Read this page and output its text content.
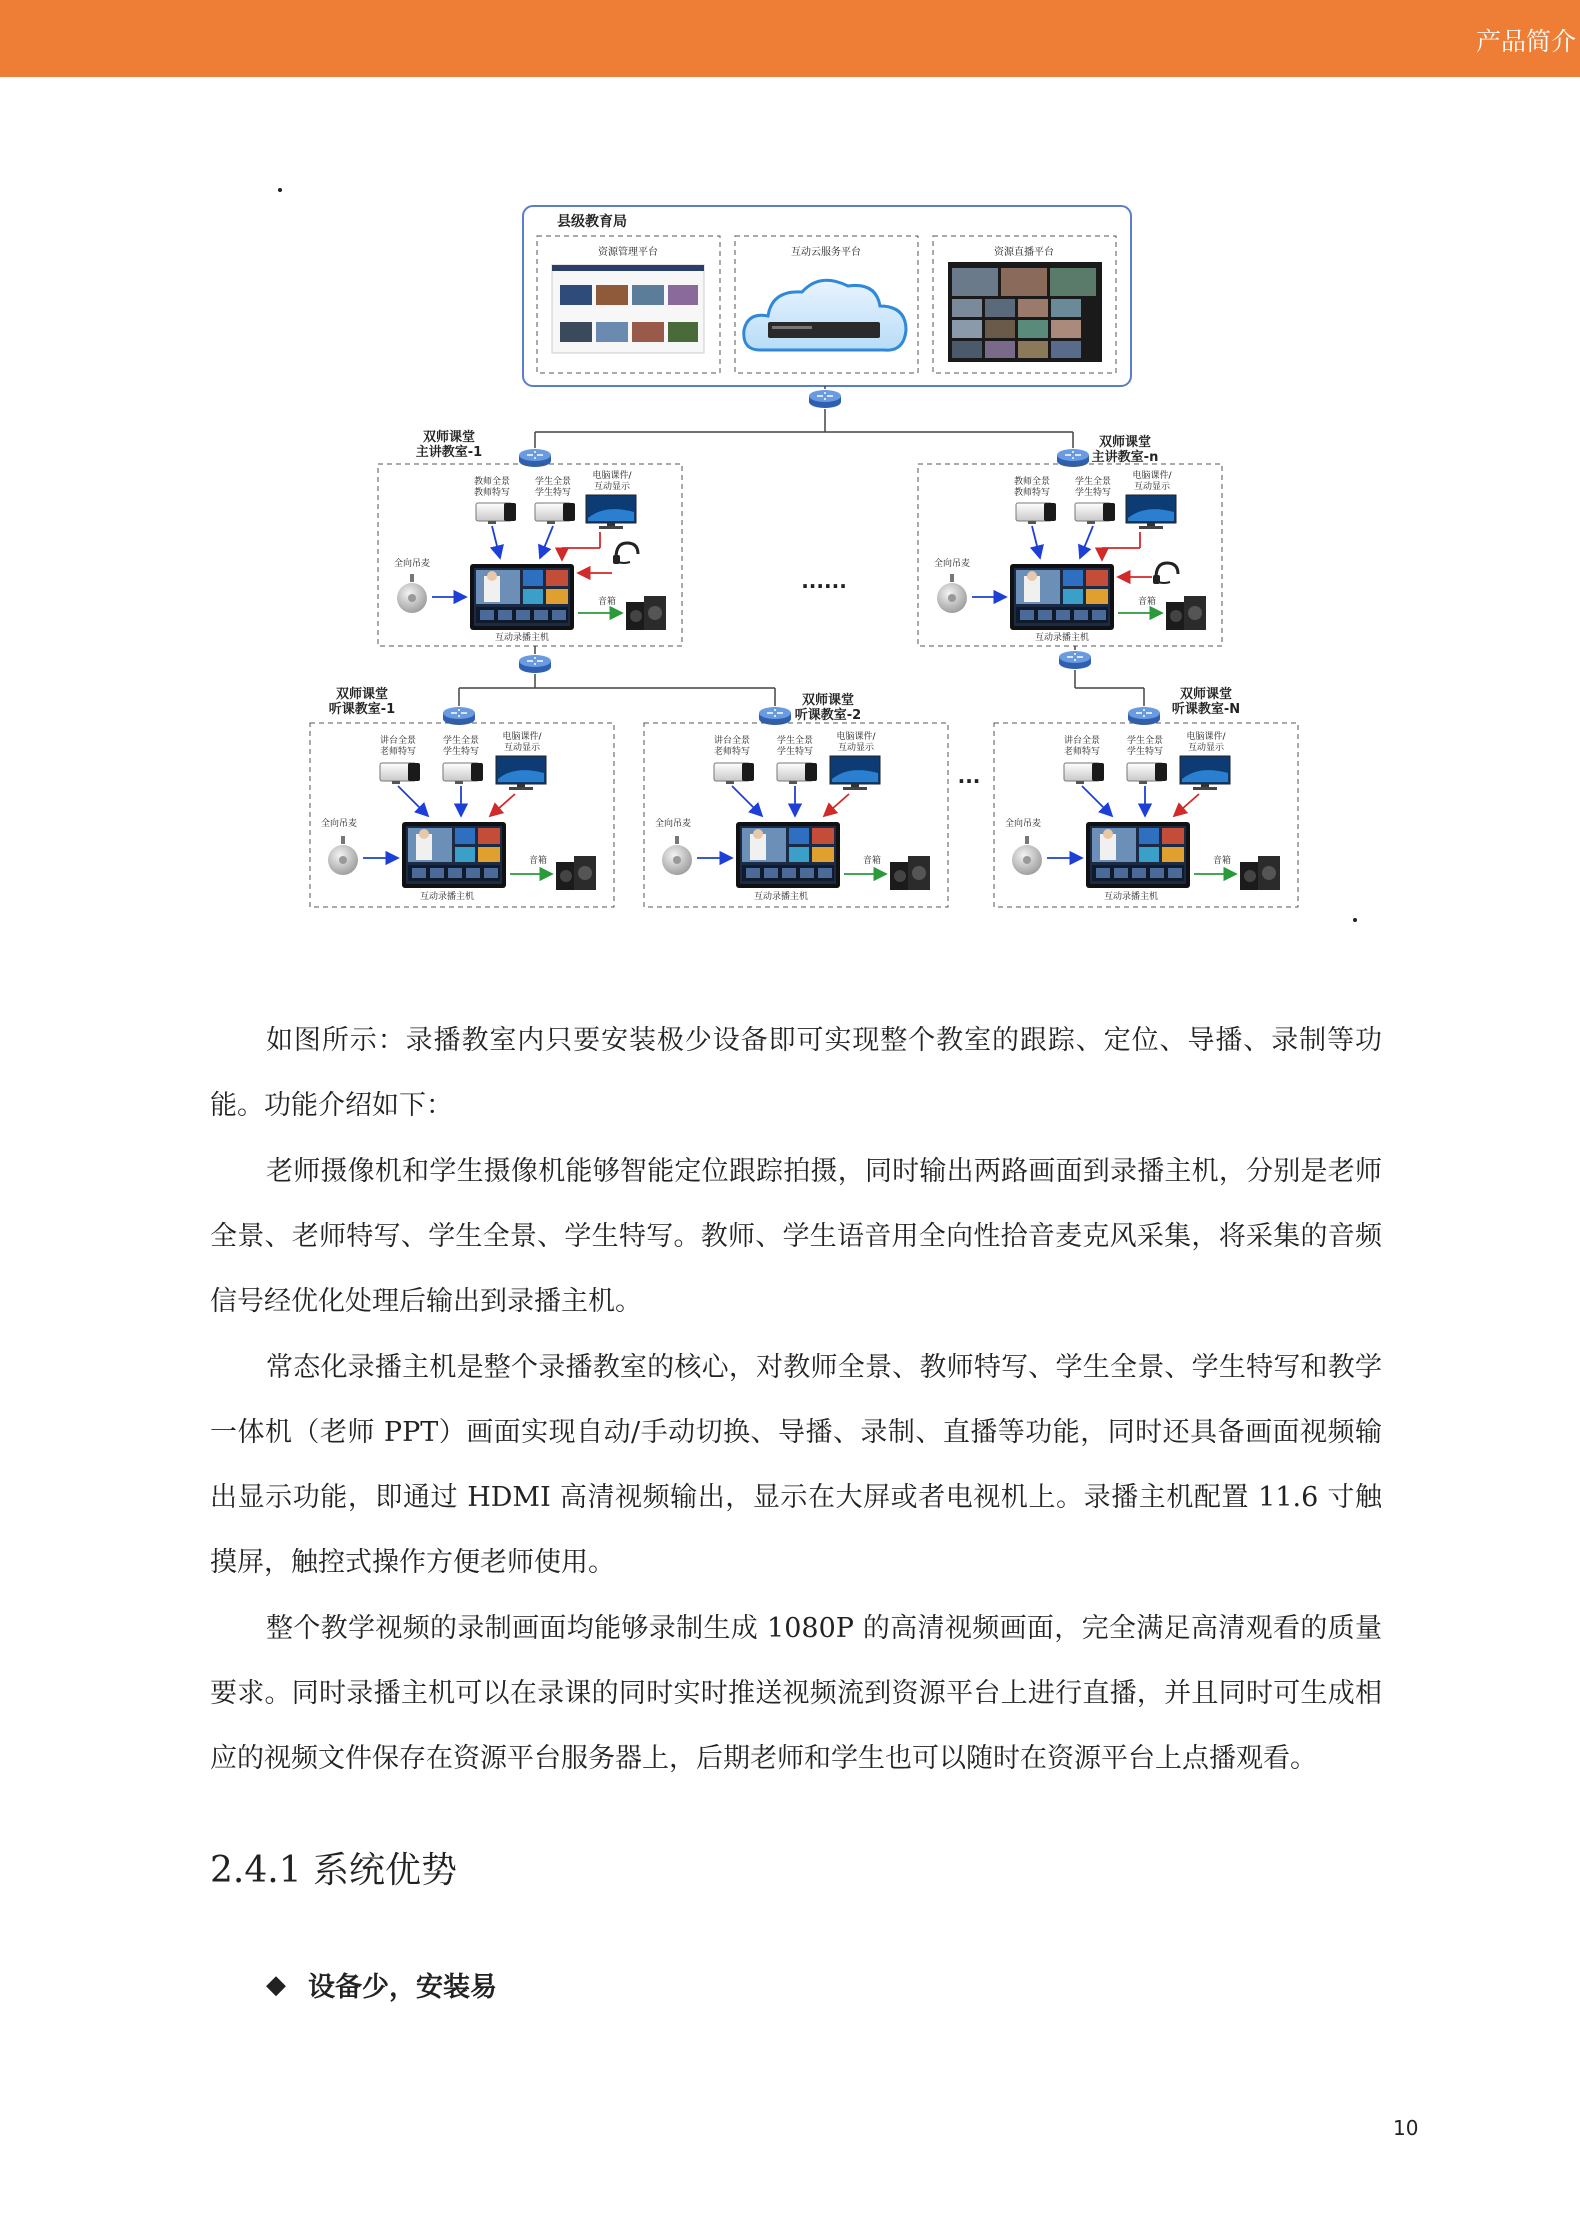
产品简介
县级教育局
资源管理平台	互动云服务平台	资源直播平台
双师课堂
主讲教室-1
教师全景
教师特写
学生全景
学生特写
电脑课件/
互动显示
全向吊麦
互动录播主机
音箱
双师课堂
主讲教室-n
教师全景
教师特写
学生全景
学生特写
电脑课件/
互动显示
全向吊麦
互动录播主机
音箱
......
双师课堂
听课教室-1
讲台全景
老师特写
学生全景
学生特写
电脑课件/
互动显示
全向吊麦
互动录播主机
音箱
双师课堂
听课教室-2
讲台全景
老师特写
学生全景
学生特写
电脑课件/
互动显示
全向吊麦
互动录播主机
音箱
...
双师课堂
听课教室-N
讲台全景
老师特写
学生全景
学生特写
电脑课件/
互动显示
全向吊麦
互动录播主机
音箱

如图所示：录播教室内只要安装极少设备即可实现整个教室的跟踪、定位、导播、录制等功能。功能介绍如下：

老师摄像机和学生摄像机能够智能定位跟踪拍摄，同时输出两路画面到录播主机，分别是老师全景、老师特写、学生全景、学生特写。教师、学生语音用全向性拾音麦克风采集，将采集的音频信号经优化处理后输出到录播主机。

常态化录播主机是整个录播教室的核心，对教师全景、教师特写、学生全景、学生特写和教学一体机（老师 PPT）画面实现自动/手动切换、导播、录制、直播等功能，同时还具备画面视频输出显示功能，即通过 HDMI 高清视频输出，显示在大屏或者电视机上。录播主机配置 11.6 寸触摸屏，触控式操作方便老师使用。

整个教学视频的录制画面均能够录制生成 1080P 的高清视频画面，完全满足高清观看的质量要求。同时录播主机可以在录课的同时实时推送视频流到资源平台上进行直播，并且同时可生成相应的视频文件保存在资源平台服务器上，后期老师和学生也可以随时在资源平台上点播观看。

2.4.1 系统优势
◆ 设备少，安装易
10
